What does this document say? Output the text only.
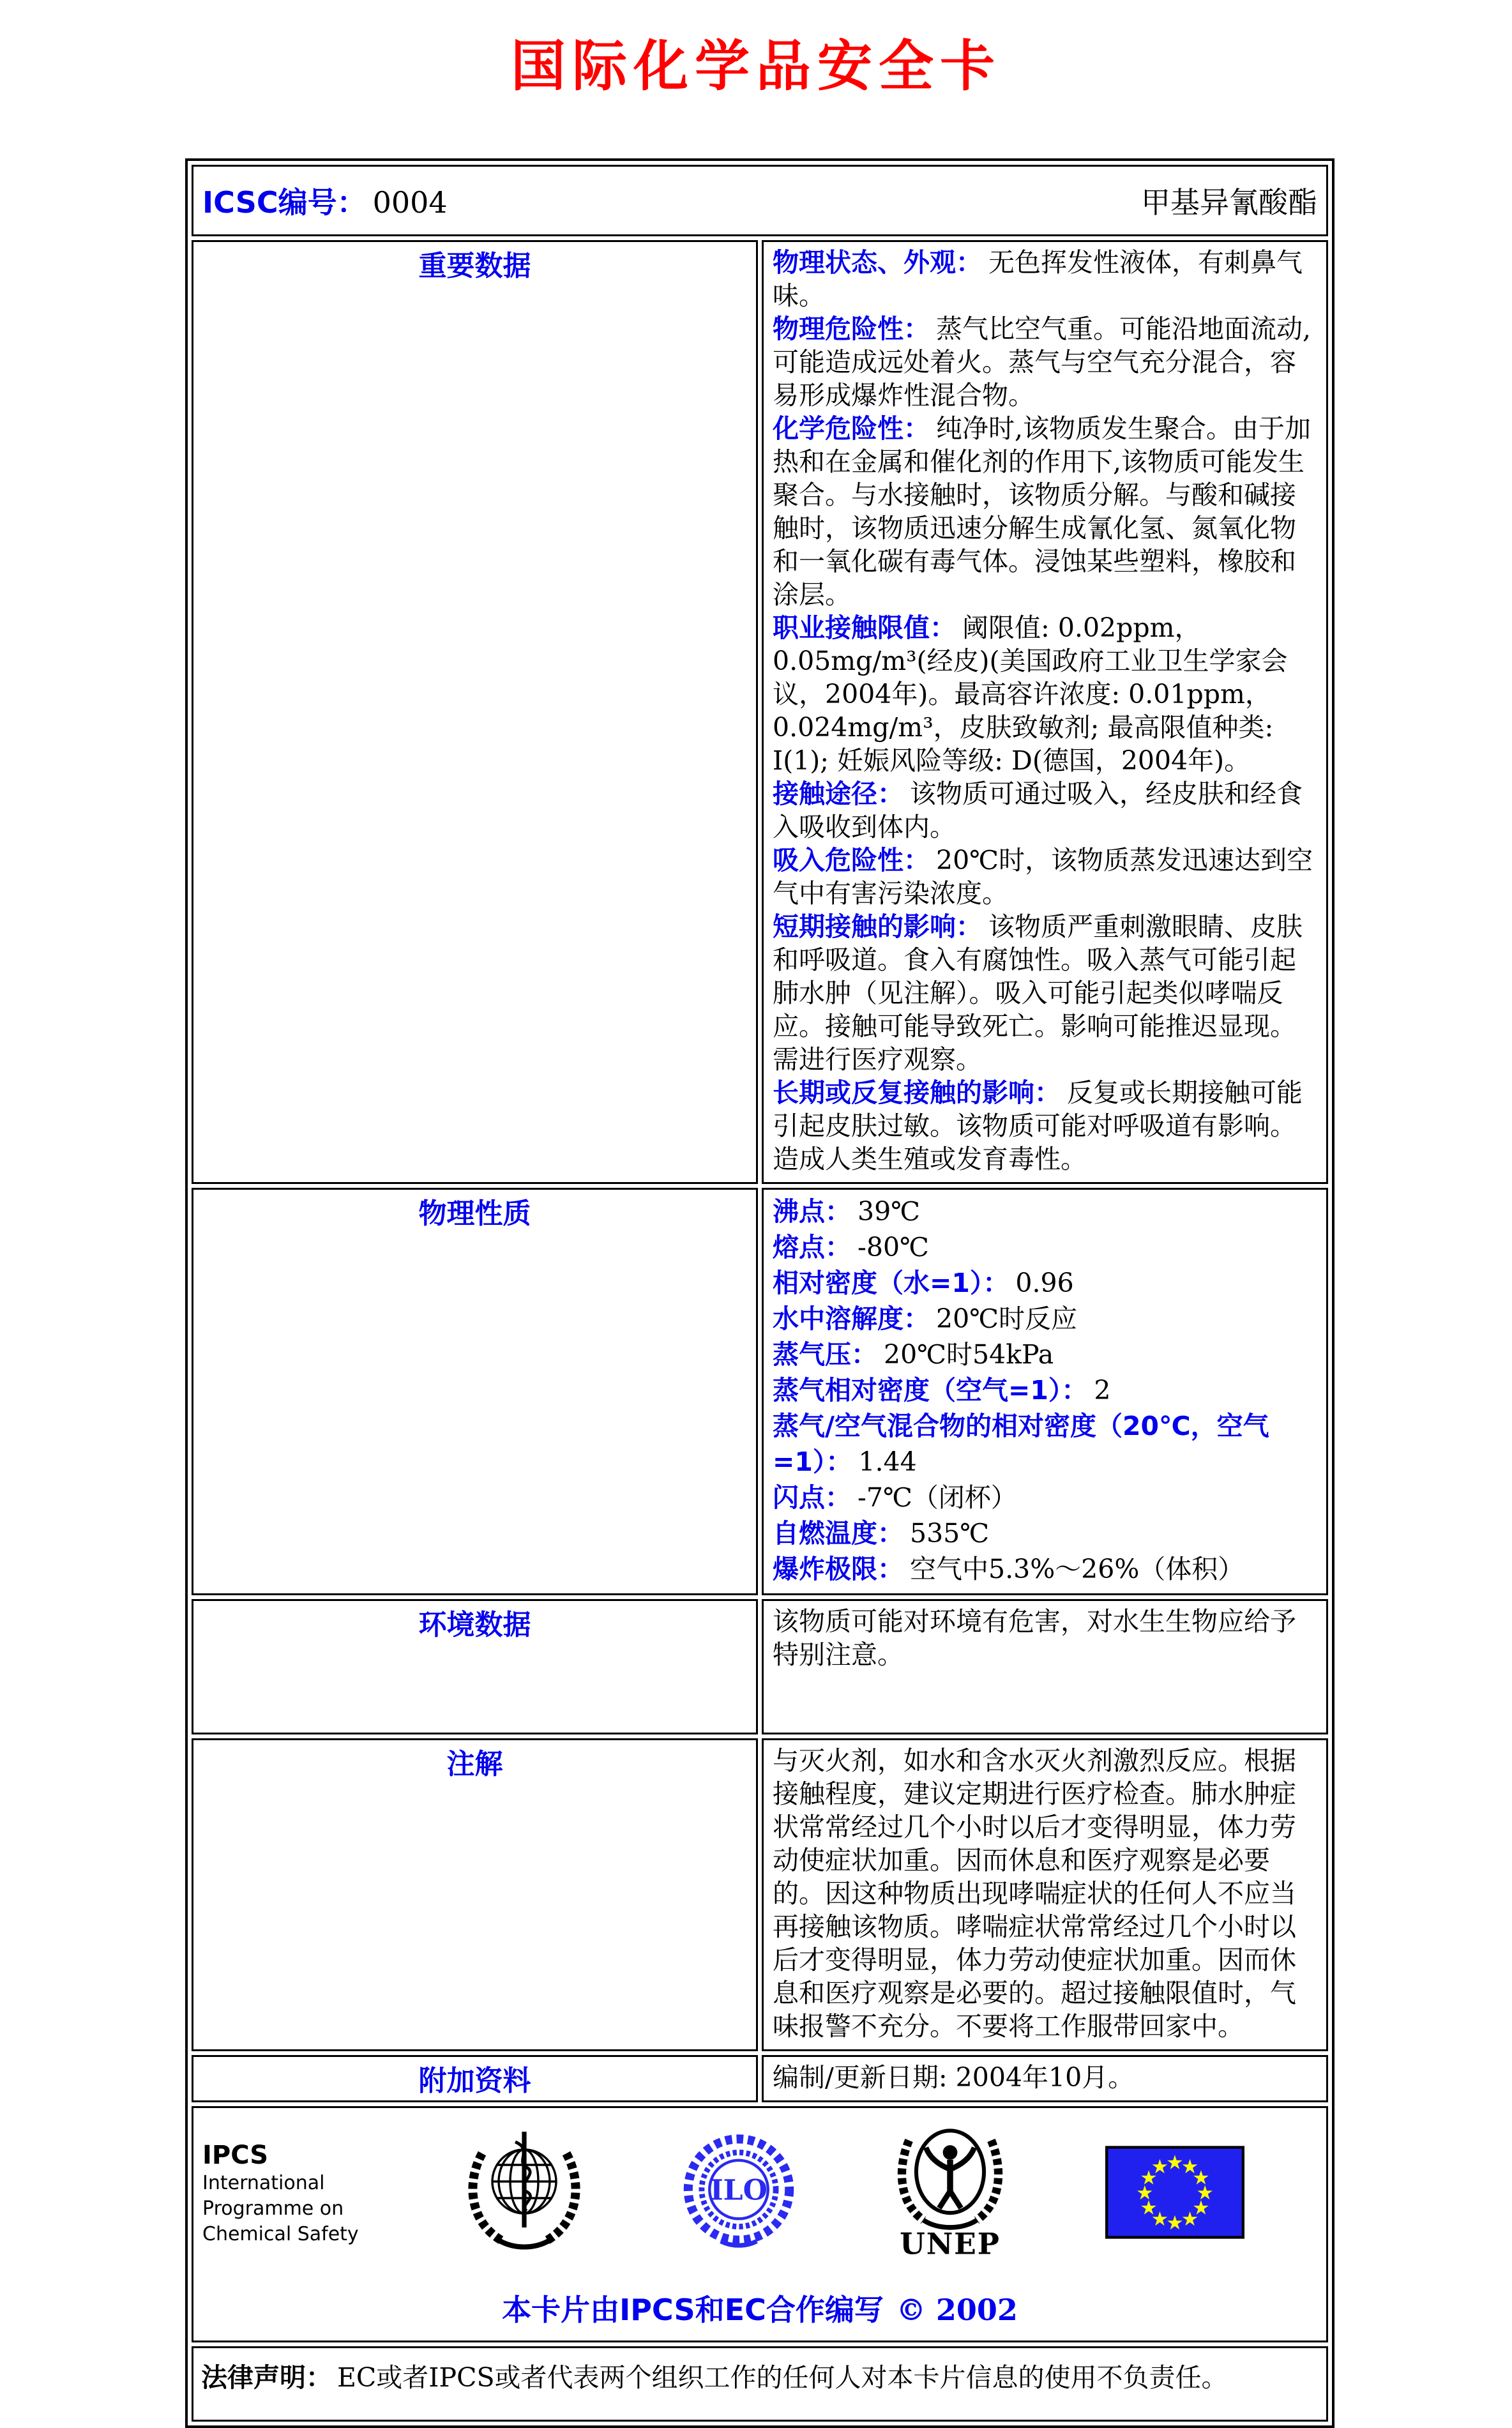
国际化学品安全卡
ICSC编号： 0004 甲基异氰酸酯	

重要数据	物理状态、外观： 无色挥发性液体，有刺鼻气味。
物理危险性： 蒸气比空气重。可能沿地面流动,可能造成远处着火。蒸气与空气充分混合，容易形成爆炸性混合物。
化学危险性： 纯净时,该物质发生聚合。由于加热和在金属和催化剂的作用下,该物质可能发生聚合。与水接触时，该物质分解。与酸和碱接触时，该物质迅速分解生成氰化氢、氮氧化物和一氧化碳有毒气体。浸蚀某些塑料，橡胶和涂层。
职业接触限值： 阈限值: 0.02ppm，0.05mg/m³(经皮)(美国政府工业卫生学家会议，2004年)。最高容许浓度: 0.01ppm，0.024mg/m³，皮肤致敏剂; 最高限值种类: I(1); 妊娠风险等级: D(德国，2004年)。
接触途径： 该物质可通过吸入，经皮肤和经食入吸收到体内。
吸入危险性： 20℃时，该物质蒸发迅速达到空气中有害污染浓度。
短期接触的影响： 该物质严重刺激眼睛、皮肤和呼吸道。食入有腐蚀性。吸入蒸气可能引起肺水肿（见注解）。吸入可能引起类似哮喘反应。接触可能导致死亡。影响可能推迟显现。需进行医疗观察。
长期或反复接触的影响： 反复或长期接触可能引起皮肤过敏。该物质可能对呼吸道有影响。造成人类生殖或发育毒性。

物理性质	沸点： 39℃
熔点： -80℃
相对密度（水=1）： 0.96
水中溶解度： 20℃时反应
蒸气压： 20℃时54kPa
蒸气相对密度（空气=1）： 2
蒸气/空气混合物的相对密度（20℃，空气=1）： 1.44
闪点： -7℃（闭杯）
自燃温度： 535℃
爆炸极限： 空气中5.3%～26%（体积）

环境数据	该物质可能对环境有危害，对水生生物应给予特别注意。
注解	与灭火剂，如水和含水灭火剂激烈反应。根据接触程度，建议定期进行医疗检查。肺水肿症状常常经过几个小时以后才变得明显，体力劳动使症状加重。因而休息和医疗观察是必要的。因这种物质出现哮喘症状的任何人不应当再接触该物质。哮喘症状常常经过几个小时以后才变得明显，体力劳动使症状加重。因而休息和医疗观察是必要的。超过接触限值时，气味报警不充分。不要将工作服带回家中。
附加资料	编制/更新日期: 2004年10月。

IPCS
International
Programme on
Chemical Safety
ILO
UNEP
★
★
★
★
★
★
★
★
★
★
★
★
本卡片由IPCS和EC合作编写 © 2002

法律声明： EC或者IPCS或者代表两个组织工作的任何人对本卡片信息的使用不负责任。	
